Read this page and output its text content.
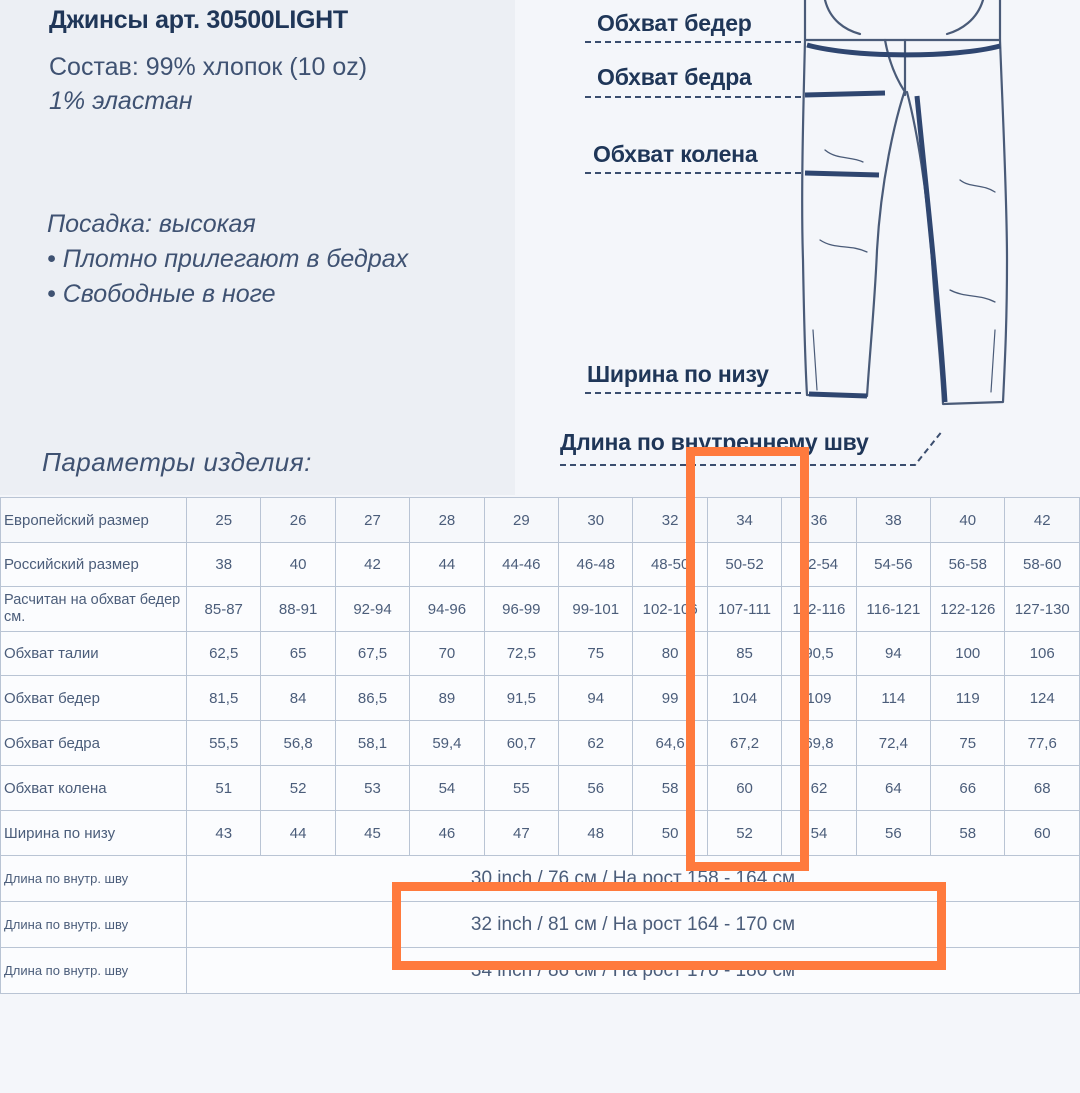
Джинсы арт. 30500LIGHT
Состав: 99% хлопок (10 oz)
1% эластан
Посадка: высокая
• Плотно прилегают в бедрах
• Свободные в ноге
Параметры изделия:
Обхват бедер
Обхват бедра
Обхват колена
Ширина по низу
Длина по внутреннему шву
Европейский размер	25	26	27	28	29	30	32	34	36	38	40	42
Российский размер	38	40	42	44	44-46	46-48	48-50	50-52	52-54	54-56	56-58	58-60
Расчитан на обхват бедер см.	85-87	88-91	92-94	94-96	96-99	99-101	102-106	107-111	112-116	116-121	122-126	127-130
Обхват талии	62,5	65	67,5	70	72,5	75	80	85	90,5	94	100	106
Обхват бедер	81,5	84	86,5	89	91,5	94	99	104	109	114	119	124
Обхват бедра	55,5	56,8	58,1	59,4	60,7	62	64,6	67,2	69,8	72,4	75	77,6
Обхват колена	51	52	53	54	55	56	58	60	62	64	66	68
Ширина по низу	43	44	45	46	47	48	50	52	54	56	58	60
Длина по внутр. шву	30 inch / 76 см / На рост 158 - 164 см											
Длина по внутр. шву	32 inch / 81 см / На рост 164 - 170 см											
Длина по внутр. шву	34 inch / 86 см / На рост 170 - 180 см											
